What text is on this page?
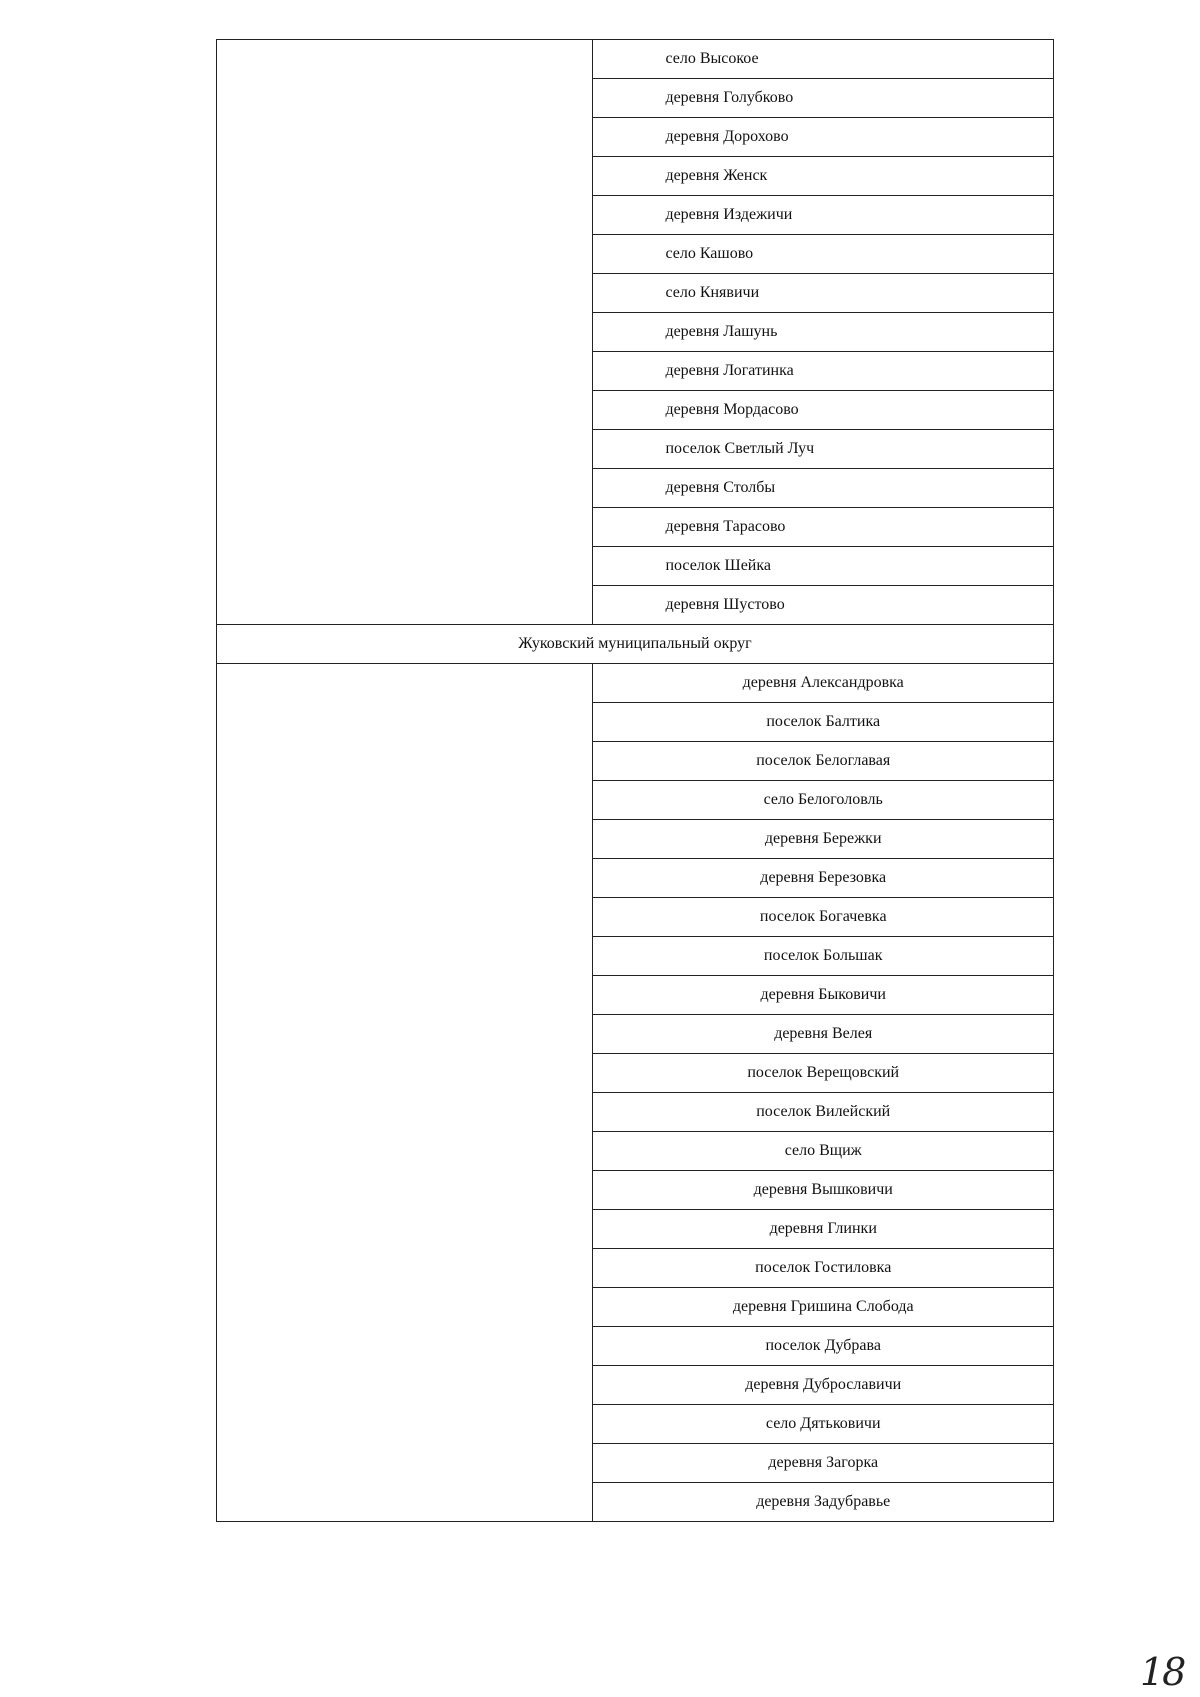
	село Высокое
	деревня Голубково
	деревня Дорохово
	деревня Женск
	деревня Издежичи
	село Кашово
	село Княвичи
	деревня Лашунь
	деревня Логатинка
	деревня Мордасово
	поселок Светлый Луч
	деревня Столбы
	деревня Тарасово
	поселок Шейка
	деревня Шустово
Жуковский муниципальный округ	
	деревня Александровка
	поселок Балтика
	поселок Белоглавая
	село Белоголовль
	деревня Бережки
	деревня Березовка
	поселок Богачевка
	поселок Большак
	деревня Быковичи
	деревня Велея
	поселок Верещовский
	поселок Вилейский
	село Вщиж
	деревня Вышковичи
	деревня Глинки
	поселок Гостиловка
	деревня Гришина Слобода
	поселок Дубрава
	деревня Дуброславичи
	село Дятьковичи
	деревня Загорка
	деревня Задубравье
18
